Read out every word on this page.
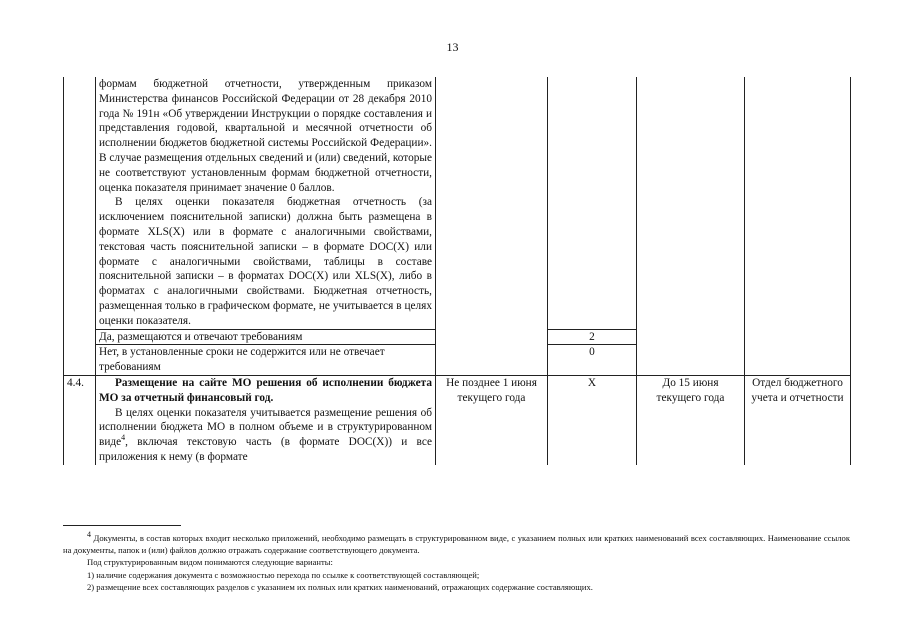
13

	формам бюджетной отчетности, утвержденным приказом Министерства финансов Российской Федерации от 28 декабря 2010 года № 191н «Об утверждении Инструкции о порядке составления и представления годовой, квартальной и месячной отчетности об исполнении бюджетов бюджетной системы Российской Федерации». В случае размещения отдельных сведений и (или) сведений, которые не соответствуют установленным формам бюджетной отчетности, оценка показателя принимает значение 0 баллов.
В целях оценки показателя бюджетная отчетность (за исключением пояснительной записки) должна быть размещена в формате XLS(X) или в формате с аналогичными свойствами, текстовая часть пояснительной записки – в формате DOC(X) или формате с аналогичными свойствами, таблицы в составе пояснительной записки – в форматах DOC(X) или XLS(X), либо в форматах с аналогичными свойствами. Бюджетная отчетность, размещенная только в графическом формате, не учитывается в целях оценки показателя.				

	Да, размещаются и отвечают требованиям		2		
	Нет, в установленные сроки не содержится или не отвечает требованиям		0		
4.4.	Размещение на сайте МО решения об исполнении бюджета МО за отчетный финансовый год.
В целях оценки показателя учитывается размещение решения об исполнении бюджета МО в полном объеме и в структурированном виде$^4$, включая текстовую часть (в формате DOC(X)) и все приложения к нему (в формате	Не позднее 1 июня текущего года	Х	До 15 июня текущего года	Отдел бюджетного учета и отчетности

$^4$ Документы, в состав которых входит несколько приложений, необходимо размещать в структурированном виде, с указанием полных или кратких наименований всех составляющих. Наименование ссылок на документы, папок и (или) файлов должно отражать содержание соответствующего документа.

Под структурированным видом понимаются следующие варианты:

1) наличие содержания документа с возможностью перехода по ссылке к соответствующей составляющей;

2) размещение всех составляющих разделов с указанием их полных или кратких наименований, отражающих содержание составляющих.
